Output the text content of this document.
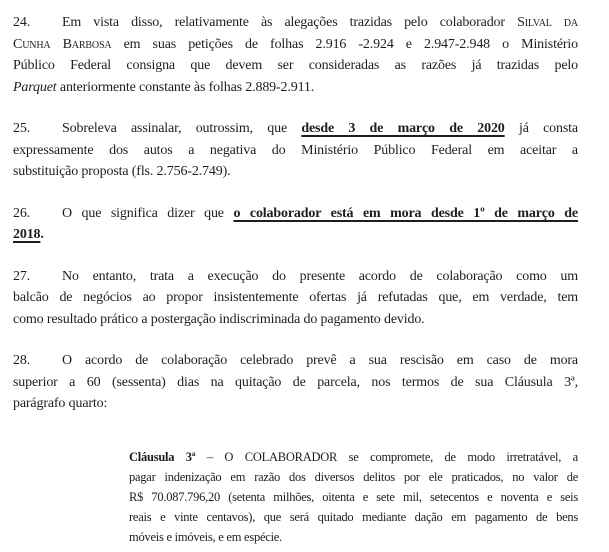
24. Em vista disso, relativamente às alegações trazidas pelo colaborador Silval da
Cunha Barbosa em suas petições de folhas 2.916 -2.924 e 2.947-2.948 o Ministério
Público Federal consigna que devem ser consideradas as razões já trazidas pelo
Parquet anteriormente constante às folhas 2.889-2.911.
25. Sobreleva assinalar, outrossim, que desde 3 de março de 2020 já consta
expressamente dos autos a negativa do Ministério Público Federal em aceitar a
substituição proposta (fls. 2.756-2.749).
26. O que significa dizer que o colaborador está em mora desde 1º de março de
2018.
27. No entanto, trata a execução do presente acordo de colaboração como um
balcão de negócios ao propor insistentemente ofertas já refutadas que, em verdade, tem
como resultado prático a postergação indiscriminada do pagamento devido.
28. O acordo de colaboração celebrado prevê a sua rescisão em caso de mora
superior a 60 (sessenta) dias na quitação de parcela, nos termos de sua Cláusula 3ª,
parágrafo quarto:
Cláusula 3ª – O COLABORADOR se compromete, de modo irretratável, a
pagar indenização em razão dos diversos delitos por ele praticados, no valor de
R$ 70.087.796,20 (setenta milhões, oitenta e sete mil, setecentos e noventa e seis
reais e vinte centavos), que será quitado mediante dação em pagamento de bens
móveis e imóveis, e em espécie.
